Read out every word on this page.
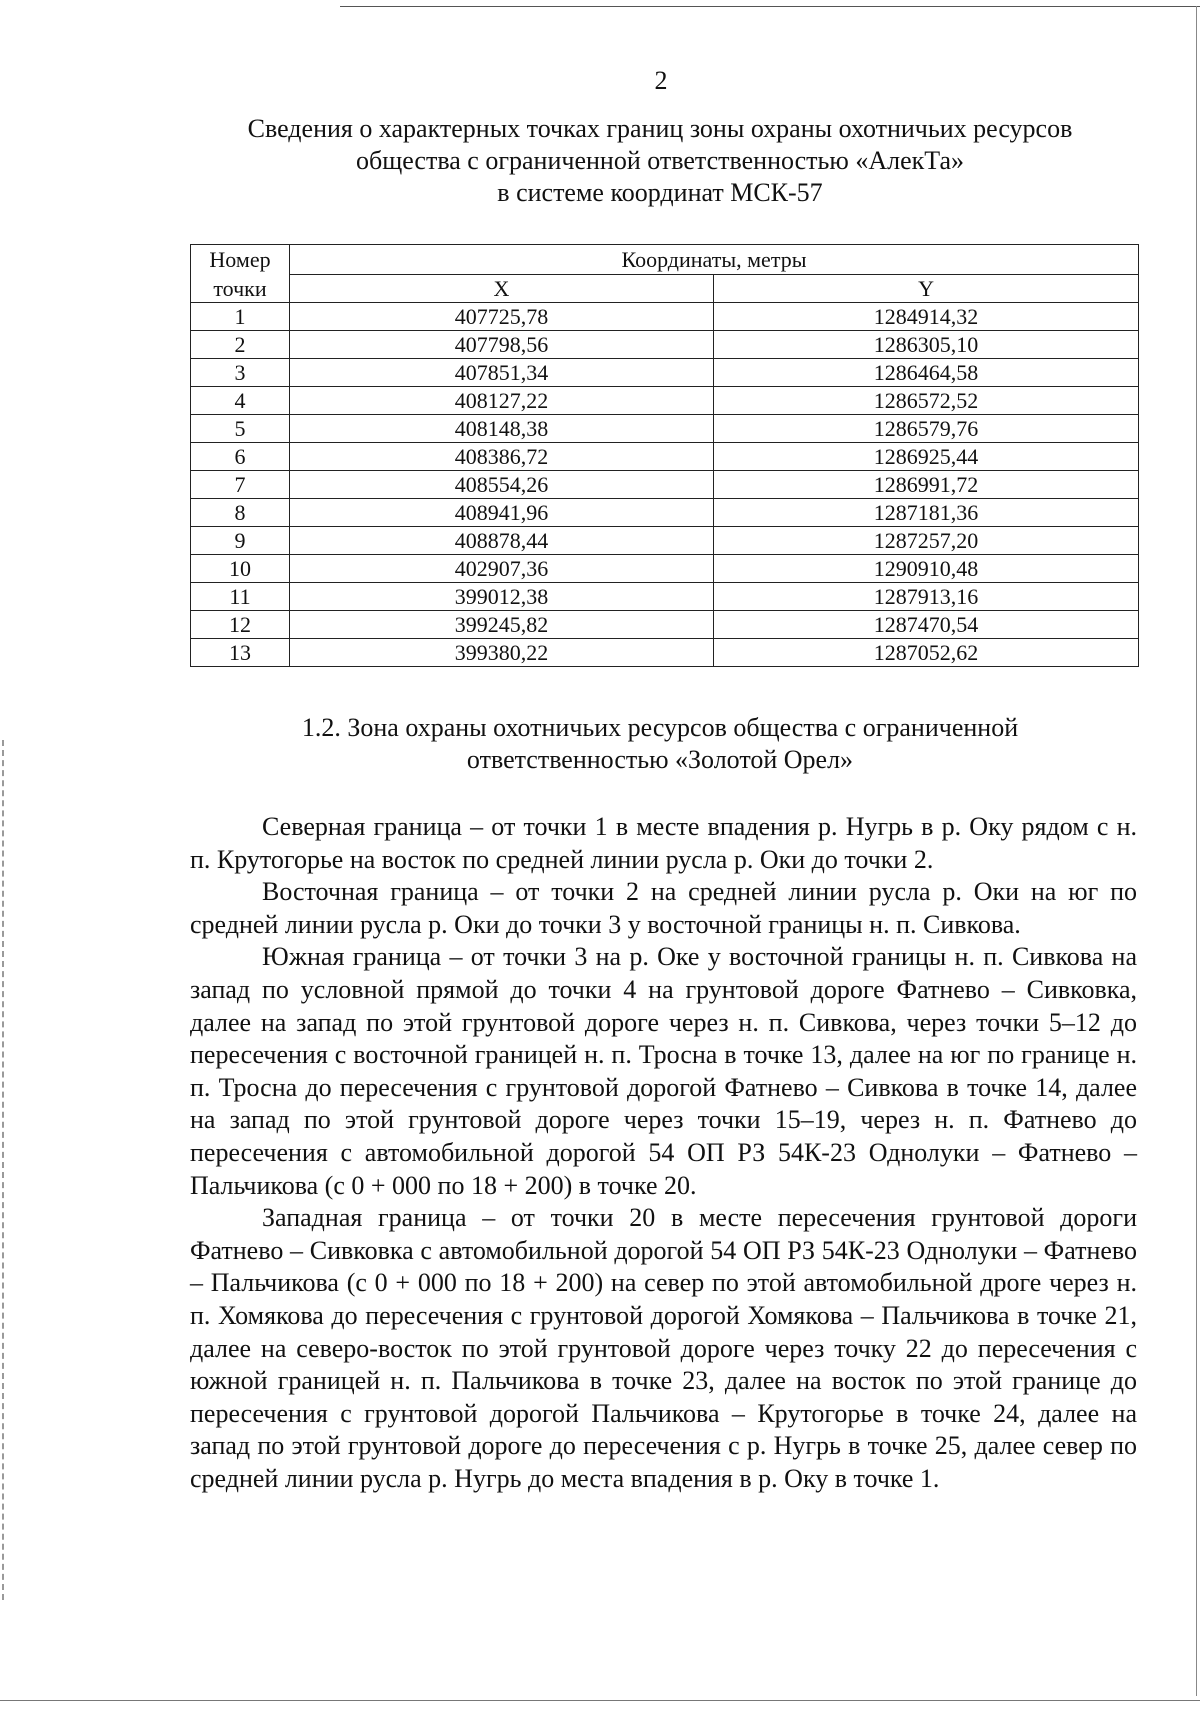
2
Сведения о характерных точках границ зоны охраны охотничьих ресурсов
общества с ограниченной ответственностью «АлекТа»
в системе координат МСК-57
Номер	Координаты, метры	
точки	X	Y
1	407725,78	1284914,32
2	407798,56	1286305,10
3	407851,34	1286464,58
4	408127,22	1286572,52
5	408148,38	1286579,76
6	408386,72	1286925,44
7	408554,26	1286991,72
8	408941,96	1287181,36
9	408878,44	1287257,20
10	402907,36	1290910,48
11	399012,38	1287913,16
12	399245,82	1287470,54
13	399380,22	1287052,62
1.2. Зона охраны охотничьих ресурсов общества с ограниченной
ответственностью «Золотой Орел»

Северная граница – от точки 1 в месте впадения р. Нугрь в р. Оку рядом с н. п. Крутогорье на восток по средней линии русла р. Оки до точки 2.

Восточная граница – от точки 2 на средней линии русла р. Оки на юг по средней линии русла р. Оки до точки 3 у восточной границы н. п. Сивкова.

Южная граница – от точки 3 на р. Оке у восточной границы н. п. Сивкова на запад по условной прямой до точки 4 на грунтовой дороге Фатнево – Сивковка, далее на запад по этой грунтовой дороге через н. п. Сивкова, через точки 5–12 до пересечения с восточной границей н. п. Тросна в точке 13, далее на юг по границе н. п. Тросна до пересечения с грунтовой дорогой Фатнево – Сивкова в точке 14, далее на запад по этой грунтовой дороге через точки 15–19, через н. п. Фатнево до пересечения с автомобильной дорогой 54 ОП РЗ 54К-23 Однолуки – Фатнево – Пальчикова (с 0 + 000 по 18 + 200) в точке 20.

Западная граница – от точки 20 в месте пересечения грунтовой дороги Фатнево – Сивковка с автомобильной дорогой 54 ОП РЗ 54К-23 Однолуки – Фатнево – Пальчикова (с 0 + 000 по 18 + 200) на север по этой автомобильной дроге через н. п. Хомякова до пересечения с грунтовой дорогой Хомякова – Пальчикова в точке 21, далее на северо-восток по этой грунтовой дороге через точку 22 до пересечения с южной границей н. п. Пальчикова в точке 23, далее на восток по этой границе до пересечения с грунтовой дорогой Пальчикова – Крутогорье в точке 24, далее на запад по этой грунтовой дороге до пересечения с р. Нугрь в точке 25, далее север по средней линии русла р. Нугрь до места впадения в р. Оку в точке 1.
